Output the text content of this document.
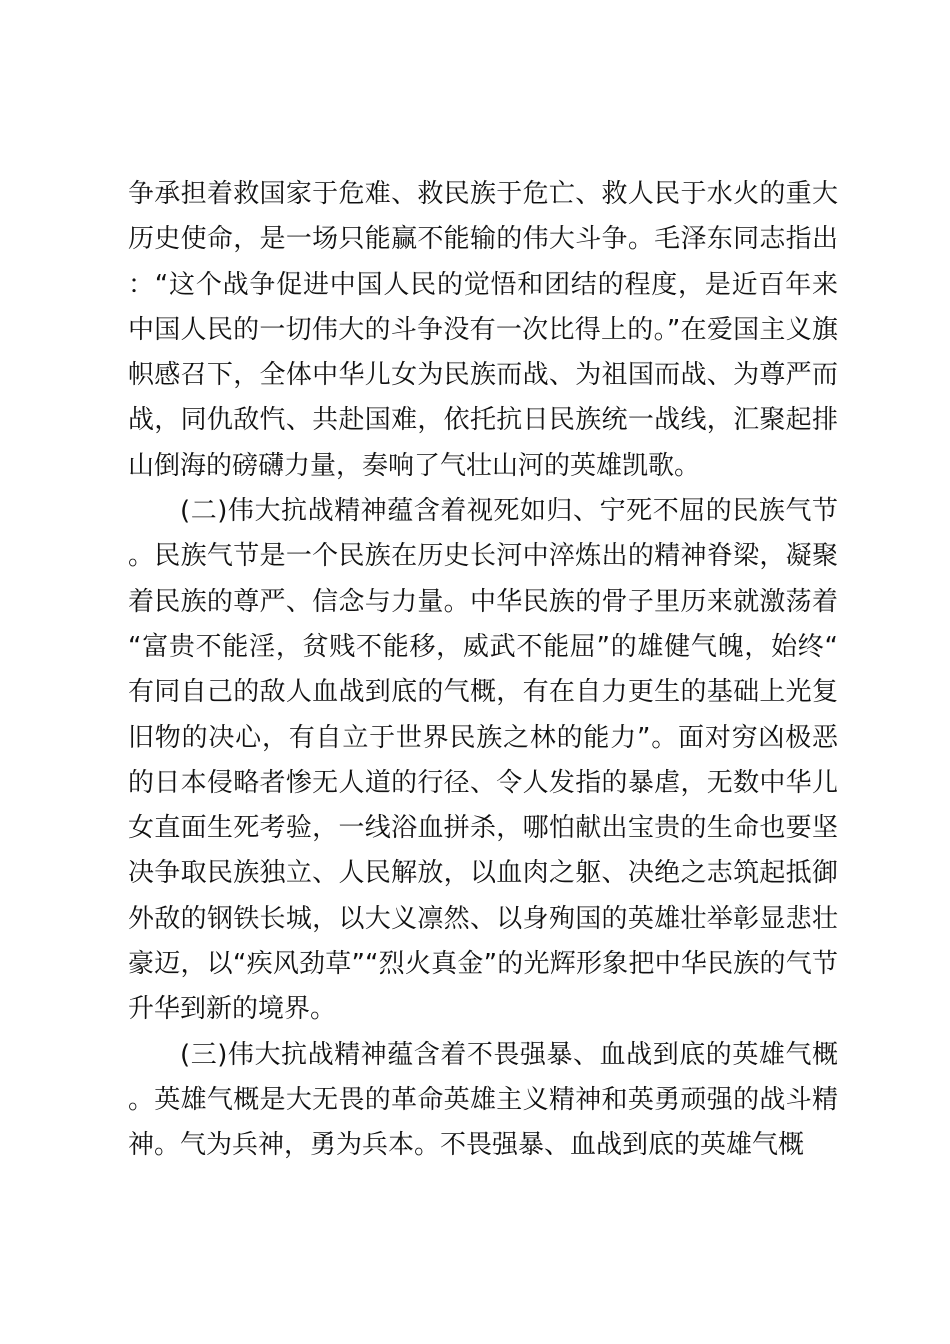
争承担着救国家于危难、救民族于危亡、救人民于水火的重大历史使命，是一场只能赢不能输的伟大斗争。毛泽东同志指出：“这个战争促进中国人民的觉悟和团结的程度，是近百年来中国人民的一切伟大的斗争没有一次比得上的。”在爱国主义旗帜感召下，全体中华儿女为民族而战、为祖国而战、为尊严而战，同仇敌忾、共赴国难，依托抗日民族统一战线，汇聚起排山倒海的磅礴力量，奏响了气壮山河的英雄凯歌。

(二)伟大抗战精神蕴含着视死如归、宁死不屈的民族气节。民族气节是一个民族在历史长河中淬炼出的精神脊梁，凝聚着民族的尊严、信念与力量。中华民族的骨子里历来就激荡着“富贵不能淫，贫贱不能移，威武不能屈”的雄健气魄，始终“有同自己的敌人血战到底的气概，有在自力更生的基础上光复旧物的决心，有自立于世界民族之林的能力”。面对穷凶极恶的日本侵略者惨无人道的行径、令人发指的暴虐，无数中华儿女直面生死考验，一线浴血拼杀，哪怕献出宝贵的生命也要坚决争取民族独立、人民解放，以血肉之躯、决绝之志筑起抵御外敌的钢铁长城，以大义凛然、以身殉国的英雄壮举彰显悲壮豪迈，以“疾风劲草”“烈火真金”的光辉形象把中华民族的气节升华到新的境界。

(三)伟大抗战精神蕴含着不畏强暴、血战到底的英雄气概。英雄气概是大无畏的革命英雄主义精神和英勇顽强的战斗精神。气为兵神，勇为兵本。不畏强暴、血战到底的英雄气概
